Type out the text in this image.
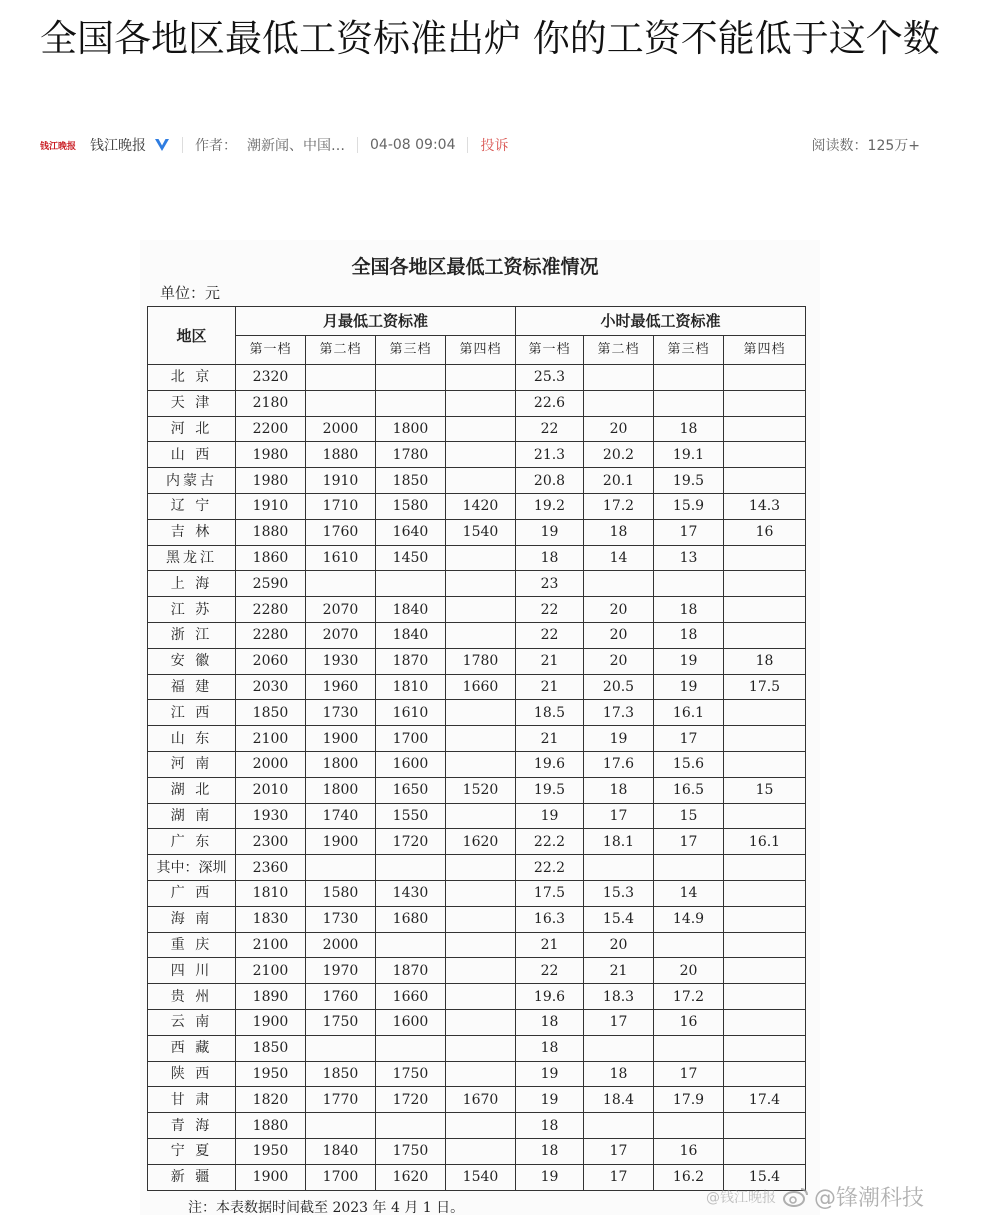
全国各地区最低工资标准出炉 你的工资不能低于这个数
钱江晚报 钱江晚报	作者： 潮新闻、中国… 04-08 09:04 投诉	阅读数：125万+
全国各地区最低工资标准情况
单位：元
地区	月最低工资标准				小时最低工资标准			
	第一档	第二档	第三档	第四档	第一档	第二档	第三档	第四档
北 京	2320				25.3			
天 津	2180				22.6			
河 北	2200	2000	1800		22	20	18	
山 西	1980	1880	1780		21.3	20.2	19.1	
内蒙古	1980	1910	1850		20.8	20.1	19.5	
辽 宁	1910	1710	1580	1420	19.2	17.2	15.9	14.3
吉 林	1880	1760	1640	1540	19	18	17	16
黑龙江	1860	1610	1450		18	14	13	
上 海	2590				23			
江 苏	2280	2070	1840		22	20	18	
浙 江	2280	2070	1840		22	20	18	
安 徽	2060	1930	1870	1780	21	20	19	18
福 建	2030	1960	1810	1660	21	20.5	19	17.5
江 西	1850	1730	1610		18.5	17.3	16.1	
山 东	2100	1900	1700		21	19	17	
河 南	2000	1800	1600		19.6	17.6	15.6	
湖 北	2010	1800	1650	1520	19.5	18	16.5	15
湖 南	1930	1740	1550		19	17	15	
广 东	2300	1900	1720	1620	22.2	18.1	17	16.1
其中：深圳	2360				22.2			
广 西	1810	1580	1430		17.5	15.3	14	
海 南	1830	1730	1680		16.3	15.4	14.9	
重 庆	2100	2000			21	20		
四 川	2100	1970	1870		22	21	20	
贵 州	1890	1760	1660		19.6	18.3	17.2	
云 南	1900	1750	1600		18	17	16	
西 藏	1850				18			
陕 西	1950	1850	1750		19	18	17	
甘 肃	1820	1770	1720	1670	19	18.4	17.9	17.4
青 海	1880				18			
宁 夏	1950	1840	1750		18	17	16	
新 疆	1900	1700	1620	1540	19	17	16.2	15.4
注：本表数据时间截至 2023 年 4 月 1 日。
@钱江晚报 @锋潮科技
